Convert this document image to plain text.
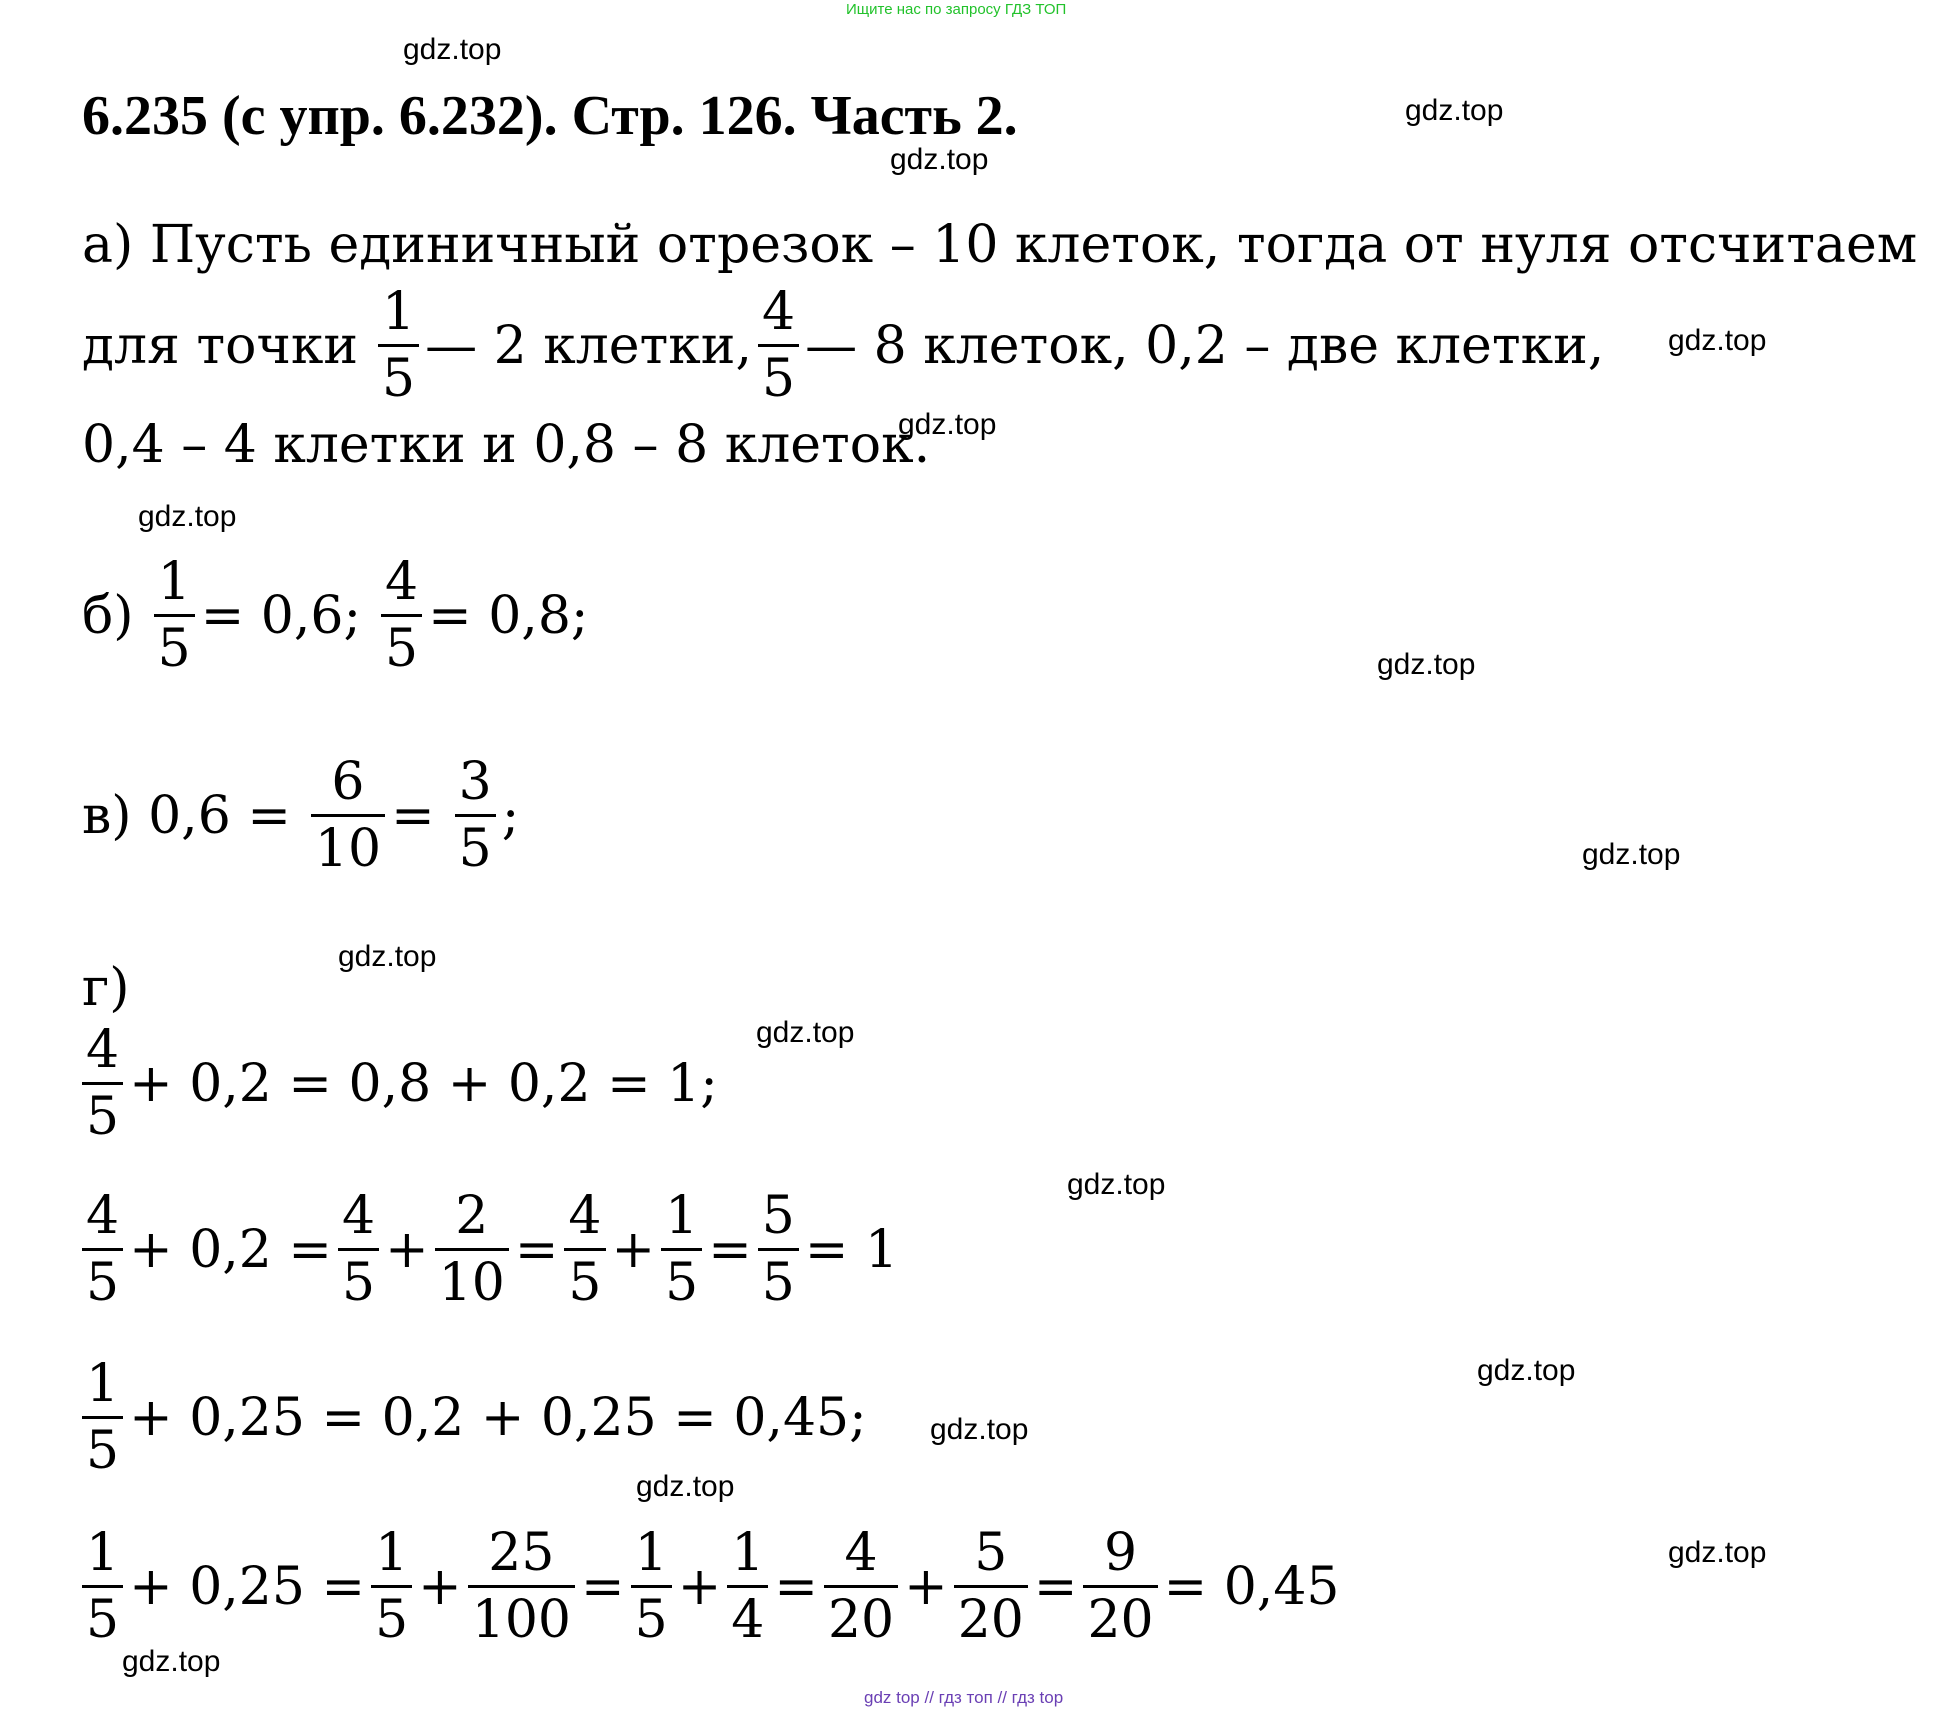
Ищите нас по запросу ГДЗ ТОП
6.235 (с упр. 6.232). Стр. 126. Часть 2.
gdz.top
gdz.top
gdz.top
gdz.top
gdz.top
gdz.top
gdz.top
gdz.top
gdz.top
gdz.top
gdz.top
gdz.top
gdz.top
gdz.top
gdz.top
gdz.top
а) Пусть единичный отрезок – 10 клеток, тогда от нуля отсчитаем
для точки $\frac{1}{5}$ — 2 клетки, $\frac{4}{5}$ — 8 клеток, 0,2 – две клетки,
0,4 – 4 клетки и 0,8 – 8 клеток.
$б) \frac{1}{5} = 0,6$; $\frac{4}{5} = 0,8$;
в) $0,6 = \frac{6}{10} = \frac{3}{5}$ ;
г)
$\frac{4}{5} + 0,2 = 0,8 + 0,2 = 1$;
$\frac{4}{5} + 0,2 = \frac{4}{5} + \frac{2}{10} = \frac{4}{5} + \frac{1}{5} = \frac{5}{5} = 1$
$\frac{1}{5} + 0,25 = 0,2 + 0,25 = 0,45$;
$\frac{1}{5} + 0,25 = \frac{1}{5} + \frac{25}{100} = \frac{1}{5} + \frac{1}{4} = \frac{4}{20} + \frac{5}{20} = \frac{9}{20} = 0,45$
gdz top // гдз топ // гдз top
